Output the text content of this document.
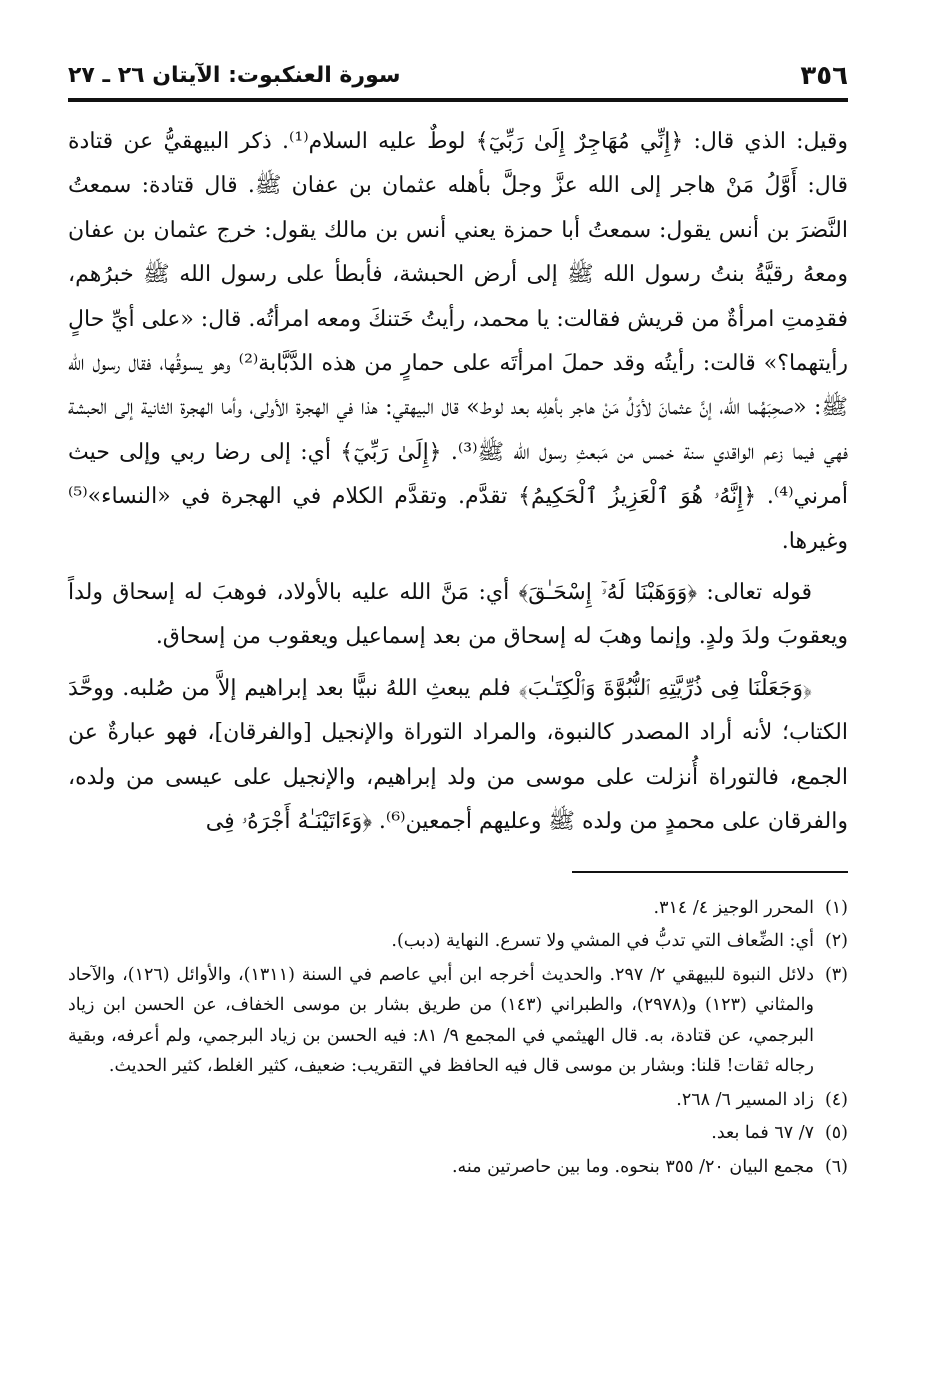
٣٥٦
سورة العنكبوت: الآيتان ٢٦ ـ ٢٧

وقيل: الذي قال: ﴿إِنِّي مُهَاجِرٌ إِلَىٰ رَبِّيٓ﴾ لوطٌ عليه السلام⁽¹⁾. ذكر البيهقيُّ عن قتادة قال: أَوَّلُ مَنْ هاجر إلى الله عزَّ وجلَّ بأهله عثمان بن عفان ﷺ. قال قتادة: سمعتُ النَّضرَ بن أنس يقول: سمعتُ أبا حمزة يعني أنس بن مالك يقول: خرج عثمان بن عفان ومعهُ رقيَّةُ بنتُ رسول الله ﷺ إلى أرض الحبشة، فأبطأ على رسول الله ﷺ خبرُهم، فقدِمتِ امرأةٌ من قريش فقالت: يا محمد، رأيتُ خَتنكَ ومعه امرأتُه. قال: «على أيِّ حالٍ رأيتهما؟» قالت: رأيتُه وقد حملَ امرأتَه على حمارٍ من هذه الدَّبَّابة⁽²⁾ وهو يسوقُها، فقال رسول الله ﷺ: «صحِبَهُما الله، إنَّ عثمانَ لأوّلُ مَنْ هاجر بأهلِه بعد لوط» قال البيهقي: هذا في الهجرة الأولى، وأما الهجرة الثانية إلى الحبشة فهي فيما زعم الواقدي سنة خمس من مَبعثِ رسول الله ﷺ⁽³⁾. ﴿إِلَىٰ رَبِّيٓ﴾ أي: إلى رضا ربي وإلى حيث أمرني⁽⁴⁾. ﴿إِنَّهُۥ هُوَ ٱلْعَزِيزُ ٱلْحَكِيمُ﴾ تقدَّم. وتقدَّم الكلام في الهجرة في «النساء»⁽⁵⁾ وغيرها.

قوله تعالى: ﴿وَوَهَبْنَا لَهُۥٓ إِسْحَـٰقَ﴾ أي: مَنَّ الله عليه بالأولاد، فوهبَ له إسحاق ولداً ويعقوبَ ولدَ ولدٍ. وإنما وهبَ له إسحاق من بعد إسماعيل ويعقوب من إسحاق.

﴿وَجَعَلْنَا فِى ذُرِّيَّتِهِ ٱلنُّبُوَّةَ وَٱلْكِتَـٰبَ﴾ فلم يبعثِ اللهُ نبيًّا بعد إبراهيم إلاَّ من صُلبه. ووحَّدَ الكتاب؛ لأنه أراد المصدر كالنبوة، والمراد التوراة والإنجيل [والفرقان]، فهو عبارةٌ عن الجمع، فالتوراة أُنزلت على موسى من ولد إبراهيم، والإنجيل على عيسى من ولده، والفرقان على محمدٍ من ولده ﷺ وعليهم أجمعين⁽⁶⁾. ﴿وَءَاتَيْنَـٰهُ أَجْرَهُۥ فِى

(١)المحرر الوجيز ٤/ ٣١٤.
(٢)أي: الضِّعاف التي تدبُّ في المشي ولا تسرع. النهاية (دبب).
(٣)دلائل النبوة للبيهقي ٢/ ٢٩٧. والحديث أخرجه ابن أبي عاصم في السنة (١٣١١)، والأوائل (١٢٦)، والآحاد والمثاني (١٢٣) و(٢٩٧٨)، والطبراني (١٤٣) من طريق بشار بن موسى الخفاف، عن الحسن ابن زياد البرجمي، عن قتادة، به. قال الهيثمي في المجمع ٩/ ٨١: فيه الحسن بن زياد البرجمي، ولم أعرفه، وبقية رجاله ثقات! قلنا: وبشار بن موسى قال فيه الحافظ في التقريب: ضعيف، كثير الغلط، كثير الحديث.
(٤)زاد المسير ٦/ ٢٦٨.
(٥)٧/ ٦٧ فما بعد.
(٦)مجمع البيان ٢٠/ ٣٥٥ بنحوه. وما بين حاصرتين منه.
